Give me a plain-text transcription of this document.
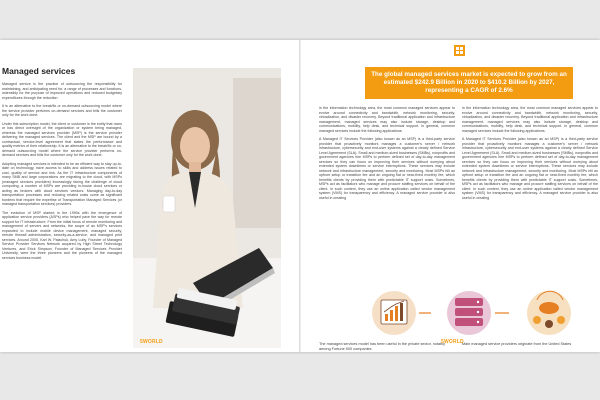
Managed services

Managed service is the practice of outsourcing the responsibility for maintaining, and anticipating need for, a range of processes and functions, ostensibly for the purpose of improved operations and reduced budgetary expenditures through the reduction

It is an alternative to the break/fix or on-demand outsourcing model where the service provider performs on-demand services and bills the customer only for the work done.

Under this subscription model, the client or customer is the entity that owns or has direct oversight of the organization or system being managed, whereas the managed services provider (MSP) is the service provider delivering the managed services. The client and the MSP are bound by a contractual, service-level agreement that states the performance and quality metrics of their relationship. It is an alternative to the break/fix or on-demand outsourcing model where the service provider performs on-demand services and bills the customer only for the work done.

Adopting managed services is intended to be an efficient way to stay up-to-date on technology, have access to skills and address issues related to cost, quality of service and risk. As the IT infrastructure components of many SMB and large corporations are migrating to the cloud, with MSPs (managed services providers) increasingly facing the challenge of cloud computing, a number of MSPs are providing in-house cloud services or acting as brokers with cloud services vendors. Managing day-to-day transportation processes and reducing related costs come as significant burdens that require the expertise of Transportation Managed Services (or managed transportation services) providers.

The evolution of MSP started in the 1990s with the emergence of application service providers (ASPs) who helped pave the way for remote support for IT infrastructure. From the initial focus of remote monitoring and management of servers and networks, the scope of an MSP's services expanded to include mobile device management, managed security, remote firewall administration, security-as-a-service, and managed print services. Around 2005, Karl W. Palachuk, Amy Luby, Founder of Managed Service Provider Services Network acquired by High Street Technology Ventures, and Erick Simpson, Founder of Managed Services Provider University, were the three pioneers and the pioneers of the managed services business model.

5WORLD
The global managed services market is expected to grow from an estimated $242.9 Billion in 2020 to $410.2 Billion by 2027, representing a CAGR of 2.6%

in the information technology area, the most common managed services appear to evolve around connectivity and bandwidth, network monitoring, security, virtualization, and disaster recovery. Beyond traditional application and infrastructure management, managed services may also include storage, desktop and communications, mobility, help desk, and technical support. In general, common managed services include the following applications.

A Managed IT Services Provider (also known as an MSP) is a third-party service provider that proactively monitors manages a customer's server / network infrastructure, cybersecurity and end-user systems against a clearly defined Service Level Agreement (SLA). Small and medium-sized businesses (SMBs), nonprofits and government agencies hire MSPs to perform defined set of day-to-day management services so they can focus on improving their services without worrying about extended system downtimes or service interruptions. These services may include network and infrastructure management, security and monitoring. Most MSPs bill an upfront setup or transition fee and an ongoing flat or near-fixed monthly fee, which benefits clients by providing them with predictable IT support costs. Sometimes, MSPs act as facilitators who manage and procure staffing services on behalf of the client. In such context, they use an online application called vendor management system (VMS) for transparency and efficiency. A managed service provider is also useful in creating

in the information technology area, the most common managed services appear to evolve around connectivity and bandwidth, network monitoring, security, virtualization, and disaster recovery. Beyond traditional application and infrastructure management, managed services may also include storage, desktop and communications, mobility, help desk, and technical support. In general, common managed services include the following applications.

A Managed IT Services Provider (also known as an MSP) is a third-party service provider that proactively monitors manages a customer's server / network infrastructure, cybersecurity and end-user systems against a clearly defined Service Level Agreement (SLA). Small and medium-sized businesses (SMBs), nonprofits and government agencies hire MSPs to perform defined set of day-to-day management services so they can focus on improving their services without worrying about extended system downtimes or service interruptions. These services may include network and infrastructure management, security and monitoring. Most MSPs bill an upfront setup or transition fee and an ongoing flat or near-fixed monthly fee, which benefits clients by providing them with predictable IT support costs. Sometimes, MSPs act as facilitators who manage and procure staffing services on behalf of the client. In such context, they use an online application called vendor management system (VMS) for transparency and efficiency. A managed service provider is also useful in creating

The managed services model has been useful in the private sector, notably among Fortune 500 companies
Main managed service providers originate from the United States
5WORLD
